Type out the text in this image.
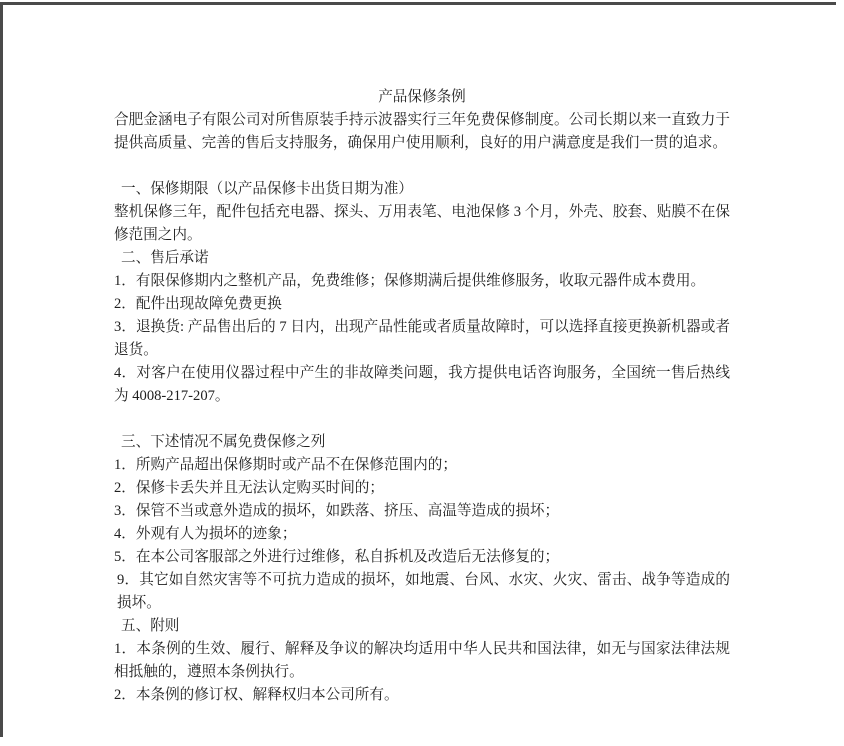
产品保修条例

合肥金涵电子有限公司对所售原装手持示波器实行三年免费保修制度。公司长期以来一直致力于提供高质量、完善的售后支持服务，确保用户使用顺利，良好的用户满意度是我们一贯的追求。

一、保修期限（以产品保修卡出货日期为准）

整机保修三年，配件包括充电器、探头、万用表笔、电池保修 3 个月，外壳、胶套、贴膜不在保修范围之内。

二、售后承诺

1．有限保修期内之整机产品，免费维修；保修期满后提供维修服务，收取元器件成本费用。

2．配件出现故障免费更换

3．退换货: 产品售出后的 7 日内，出现产品性能或者质量故障时，可以选择直接更换新机器或者退货。

4．对客户在使用仪器过程中产生的非故障类问题，我方提供电话咨询服务，全国统一售后热线为 4008-217-207。

三、下述情况不属免费保修之列

1．所购产品超出保修期时或产品不在保修范围内的；

2．保修卡丢失并且无法认定购买时间的；

3．保管不当或意外造成的损坏，如跌落、挤压、高温等造成的损坏；

4．外观有人为损坏的迹象；

5．在本公司客服部之外进行过维修，私自拆机及改造后无法修复的；

9．其它如自然灾害等不可抗力造成的损坏，如地震、台风、水灾、火灾、雷击、战争等造成的损坏。

五、附则

1．本条例的生效、履行、解释及争议的解决均适用中华人民共和国法律，如无与国家法律法规相抵触的，遵照本条例执行。

2．本条例的修订权、解释权归本公司所有。
